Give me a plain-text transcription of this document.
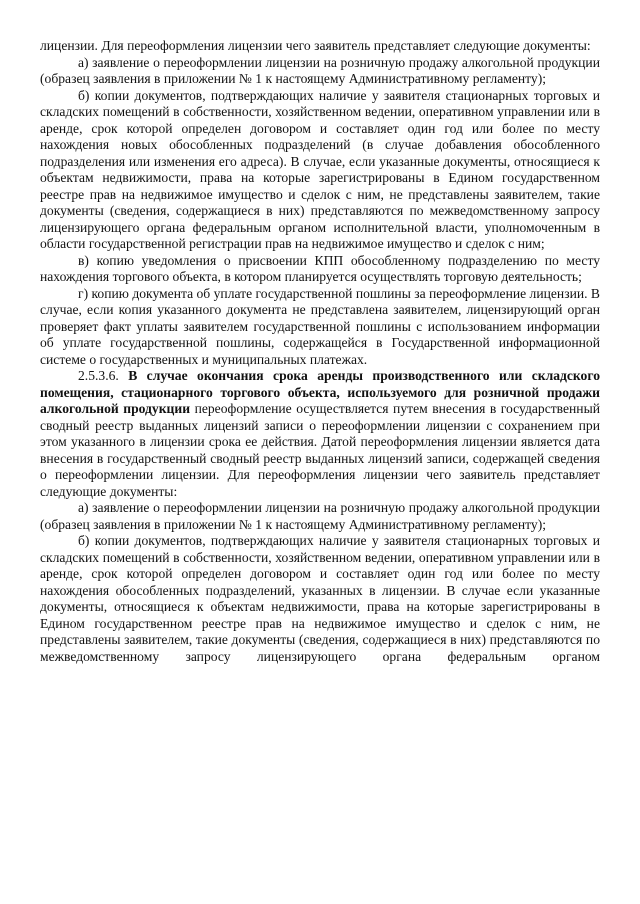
лицензии. Для переоформления лицензии чего заявитель представляет следующие документы:

а) заявление о переоформлении лицензии на розничную продажу алкогольной продукции (образец заявления в приложении № 1 к настоящему Административному регламенту);

б) копии документов, подтверждающих наличие у заявителя стационарных торговых и складских помещений в собственности, хозяйственном ведении, оперативном управлении или в аренде, срок которой определен договором и составляет один год или более по месту нахождения новых обособленных подразделений (в случае добавления обособленного подразделения или изменения его адреса). В случае, если указанные документы, относящиеся к объектам недвижимости, права на которые зарегистрированы в Едином государственном реестре прав на недвижимое имущество и сделок с ним, не представлены заявителем, такие документы (сведения, содержащиеся в них) представляются по межведомственному запросу лицензирующего органа федеральным органом исполнительной власти, уполномоченным в области государственной регистрации прав на недвижимое имущество и сделок с ним;

в) копию уведомления о присвоении КПП обособленному подразделению по месту нахождения торгового объекта, в котором планируется осуществлять торговую деятельность;

г) копию документа об уплате государственной пошлины за переоформление лицензии. В случае, если копия указанного документа не представлена заявителем, лицензирующий орган проверяет факт уплаты заявителем государственной пошлины с использованием информации об уплате государственной пошлины, содержащейся в Государственной информационной системе о государственных и муниципальных платежах.

2.5.3.6. В случае окончания срока аренды производственного или складского помещения, стационарного торгового объекта, используемого для розничной продажи алкогольной продукции переоформление осуществляется путем внесения в государственный сводный реестр выданных лицензий записи о переоформлении лицензии с сохранением при этом указанного в лицензии срока ее действия. Датой переоформления лицензии является дата внесения в государственный сводный реестр выданных лицензий записи, содержащей сведения о переоформлении лицензии. Для переоформления лицензии чего заявитель представляет следующие документы:

а) заявление о переоформлении лицензии на розничную продажу алкогольной продукции (образец заявления в приложении № 1 к настоящему Административному регламенту);

б) копии документов, подтверждающих наличие у заявителя стационарных торговых и складских помещений в собственности, хозяйственном ведении, оперативном управлении или в аренде, срок которой определен договором и составляет один год или более по месту нахождения обособленных подразделений, указанных в лицензии. В случае если указанные документы, относящиеся к объектам недвижимости, права на которые зарегистрированы в Едином государственном реестре прав на недвижимое имущество и сделок с ним, не представлены заявителем, такие документы (сведения, содержащиеся в них) представляются по межведомственному запросу лицензирующего органа федеральным органом
